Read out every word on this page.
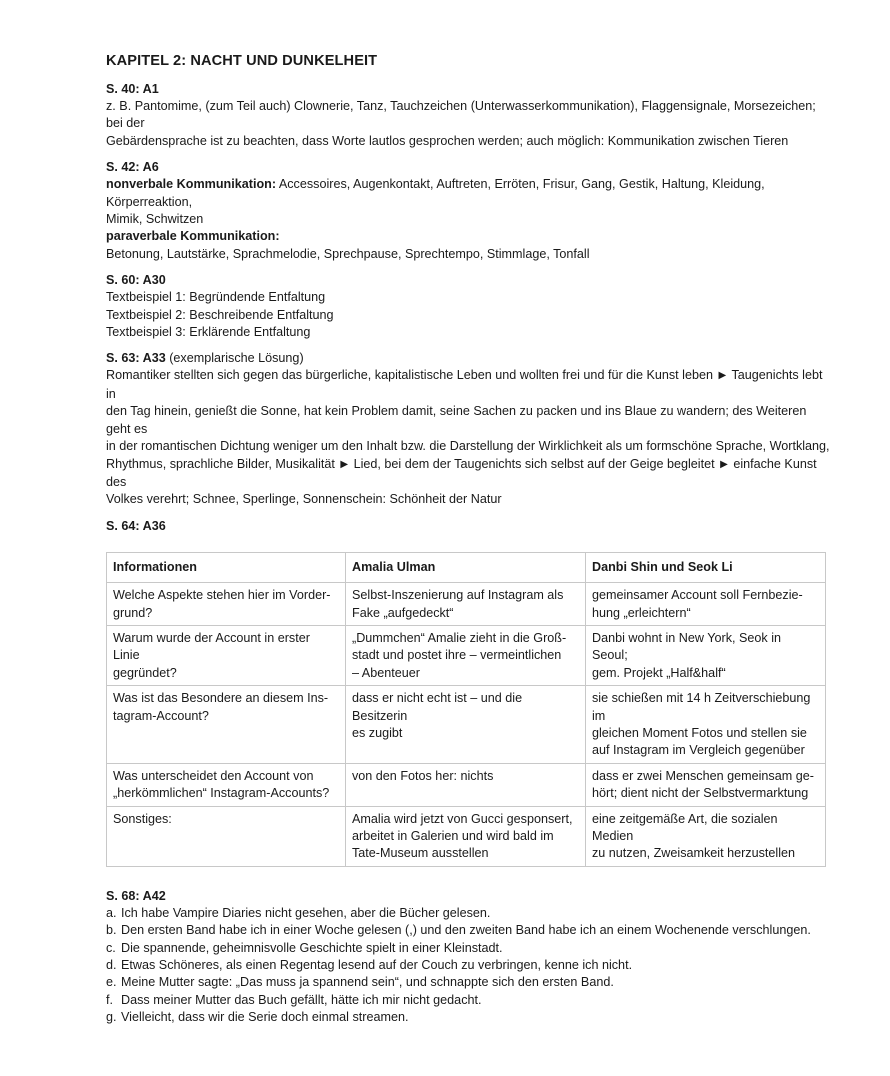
KAPITEL 2: NACHT UND DUNKELHEIT

S. 40: A1

z. B. Pantomime, (zum Teil auch) Clownerie, Tanz, Tauchzeichen (Unterwasserkommunikation), Flaggensignale, Morsezeichen; bei der
Gebärdensprache ist zu beachten, dass Worte lautlos gesprochen werden; auch möglich: Kommunikation zwischen Tieren

S. 42: A6

nonverbale Kommunikation: Accessoires, Augenkontakt, Auftreten, Erröten, Frisur, Gang, Gestik, Haltung, Kleidung, Körperreaktion,
Mimik, Schwitzen
paraverbale Kommunikation:
Betonung, Lautstärke, Sprachmelodie, Sprechpause, Sprechtempo, Stimmlage, Tonfall

S. 60: A30

Textbeispiel 1: Begründende Entfaltung
Textbeispiel 2: Beschreibende Entfaltung
Textbeispiel 3: Erklärende Entfaltung

S. 63: A33 (exemplarische Lösung)

Romantiker stellten sich gegen das bürgerliche, kapitalistische Leben und wollten frei und für die Kunst leben ▶ Taugenichts lebt in
den Tag hinein, genießt die Sonne, hat kein Problem damit, seine Sachen zu packen und ins Blaue zu wandern; des Weiteren geht es
in der romantischen Dichtung weniger um den Inhalt bzw. die Darstellung der Wirklichkeit als um formschöne Sprache, Wortklang,
Rhythmus, sprachliche Bilder, Musikalität ▶ Lied, bei dem der Taugenichts sich selbst auf der Geige begleitet ▶ einfache Kunst des
Volkes verehrt; Schnee, Sperlinge, Sonnenschein: Schönheit der Natur

S. 64: A36

Informationen	Amalia Ulman	Danbi Shin und Seok Li

Welche Aspekte stehen hier im Vorder-
grund?	Selbst-Inszenierung auf Instagram als
Fake „aufgedeckt“	gemeinsamer Account soll Fernbezie-
hung „erleichtern“

Warum wurde der Account in erster Linie
gegründet?	„Dummchen“ Amalie zieht in die Groß-
stadt und postet ihre – vermeintlichen
– Abenteuer	Danbi wohnt in New York, Seok in Seoul;
gem. Projekt „Half&half“

Was ist das Besondere an diesem Ins-
tagram-Account?	dass er nicht echt ist – und die Besitzerin
es zugibt	sie schießen mit 14 h Zeitverschiebung im
gleichen Moment Fotos und stellen sie
auf Instagram im Vergleich gegenüber

Was unterscheidet den Account von
„herkömmlichen“ Instagram-Accounts?	von den Fotos her: nichts	dass er zwei Menschen gemeinsam ge-
hört; dient nicht der Selbstvermarktung

Sonstiges:	Amalia wird jetzt von Gucci gesponsert,
arbeitet in Galerien und wird bald im
Tate-Museum ausstellen	eine zeitgemäße Art, die sozialen Medien
zu nutzen, Zweisamkeit herzustellen

S. 68: A42

a. Ich habe Vampire Diaries nicht gesehen, aber die Bücher gelesen.
b. Den ersten Band habe ich in einer Woche gelesen (,) und den zweiten Band habe ich an einem Wochenende verschlungen.
c. Die spannende, geheimnisvolle Geschichte spielt in einer Kleinstadt.
d. Etwas Schöneres, als einen Regentag lesend auf der Couch zu verbringen, kenne ich nicht.
e. Meine Mutter sagte: „Das muss ja spannend sein“, und schnappte sich den ersten Band.
f. Dass meiner Mutter das Buch gefällt, hätte ich mir nicht gedacht.
g. Vielleicht, dass wir die Serie doch einmal streamen.
